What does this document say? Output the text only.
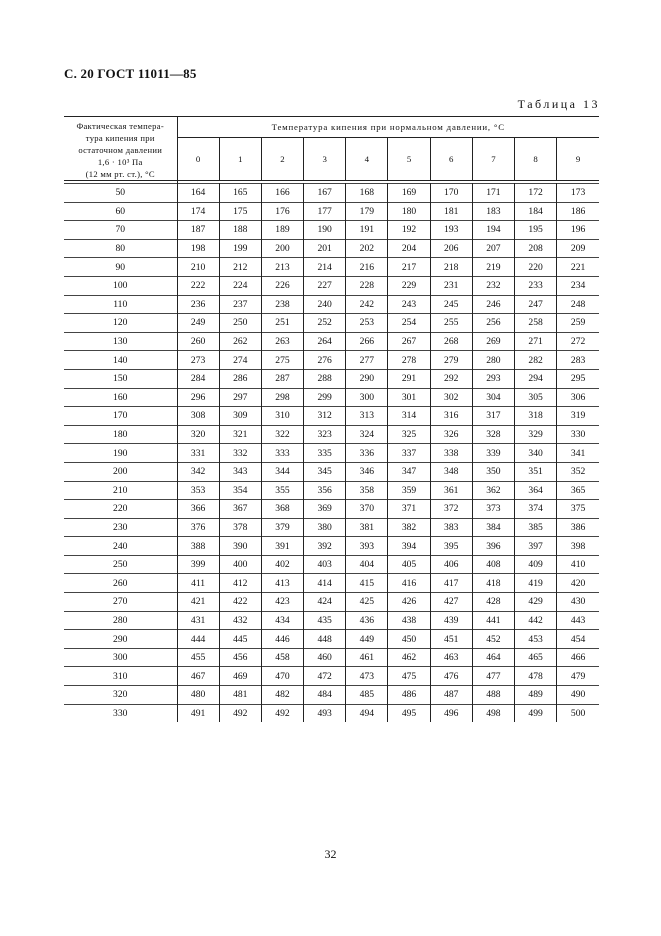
С. 20 ГОСТ 11011—85
Таблица 13
Фактическая темпера-
тура кипения при
остаточном давлении
1,6 · 10³ Па
(12 мм рт. ст.), °С	Температура кипения при нормальном давлении, °С									
	0	1	2	3	4	5	6	7	8	9

50	164	165	166	167	168	169	170	171	172	173
60	174	175	176	177	179	180	181	183	184	186
70	187	188	189	190	191	192	193	194	195	196
80	198	199	200	201	202	204	206	207	208	209
90	210	212	213	214	216	217	218	219	220	221
100	222	224	226	227	228	229	231	232	233	234
110	236	237	238	240	242	243	245	246	247	248
120	249	250	251	252	253	254	255	256	258	259
130	260	262	263	264	266	267	268	269	271	272
140	273	274	275	276	277	278	279	280	282	283
150	284	286	287	288	290	291	292	293	294	295
160	296	297	298	299	300	301	302	304	305	306
170	308	309	310	312	313	314	316	317	318	319
180	320	321	322	323	324	325	326	328	329	330
190	331	332	333	335	336	337	338	339	340	341
200	342	343	344	345	346	347	348	350	351	352
210	353	354	355	356	358	359	361	362	364	365
220	366	367	368	369	370	371	372	373	374	375
230	376	378	379	380	381	382	383	384	385	386
240	388	390	391	392	393	394	395	396	397	398
250	399	400	402	403	404	405	406	408	409	410
260	411	412	413	414	415	416	417	418	419	420
270	421	422	423	424	425	426	427	428	429	430
280	431	432	434	435	436	438	439	441	442	443
290	444	445	446	448	449	450	451	452	453	454
300	455	456	458	460	461	462	463	464	465	466
310	467	469	470	472	473	475	476	477	478	479
320	480	481	482	484	485	486	487	488	489	490
330	491	492	492	493	494	495	496	498	499	500
32
